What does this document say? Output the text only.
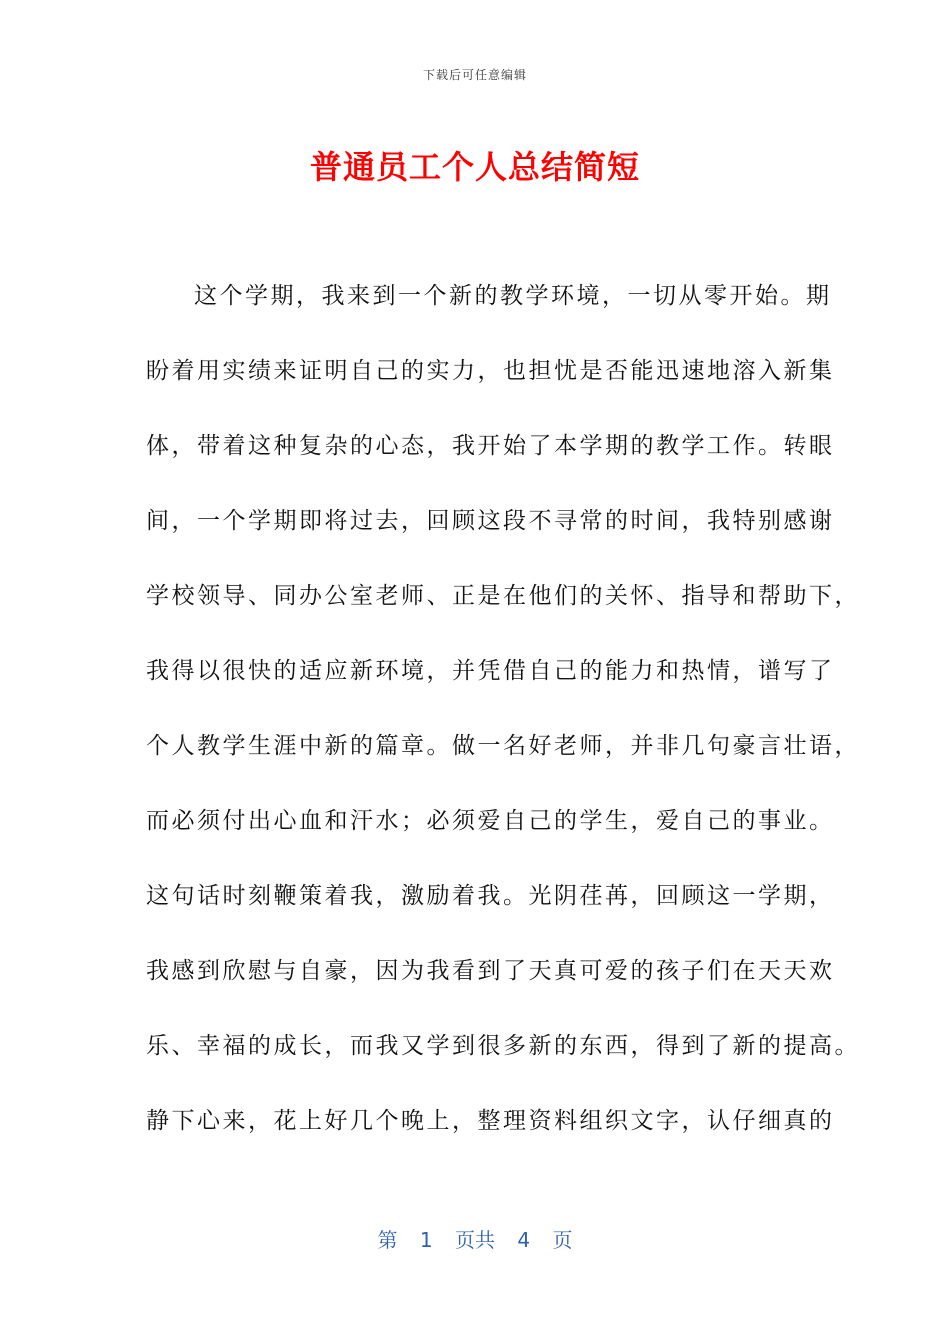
下载后可任意编辑
普通员工个人总结简短
这个学期，我来到一个新的教学环境，一切从零开始。期
盼着用实绩来证明自己的实力，也担忧是否能迅速地溶入新集
体，带着这种复杂的心态，我开始了本学期的教学工作。转眼
间，一个学期即将过去，回顾这段不寻常的时间，我特别感谢
学校领导、同办公室老师、正是在他们的关怀、指导和帮助下，
我得以很快的适应新环境，并凭借自己的能力和热情，谱写了
个人教学生涯中新的篇章。做一名好老师，并非几句豪言壮语，
而必须付出心血和汗水；必须爱自己的学生，爱自己的事业。
这句话时刻鞭策着我，激励着我。光阴荏苒，回顾这一学期，
我感到欣慰与自豪，因为我看到了天真可爱的孩子们在天天欢
乐、幸福的成长，而我又学到很多新的东西，得到了新的提高。
静下心来，花上好几个晚上，整理资料组织文字，认仔细真的
第 1 页共 4 页
